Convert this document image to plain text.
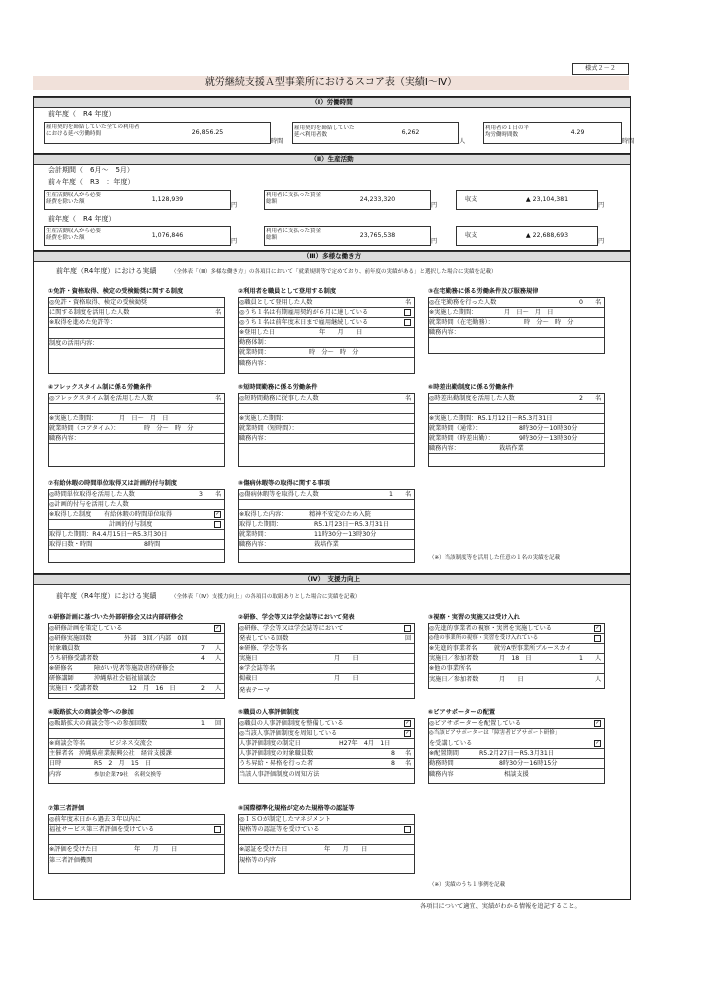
様式２－２
就労継続支援Ａ型事業所におけるスコア表（実績Ⅰ～Ⅳ）
（Ⅰ）労働時間
前年度（　R4 年度）
雇用契約を締結していた全ての利用者における延べ労働時間	26,856.25
時間
雇用契約を締結していた延べ利用者数	6,262
人
利用者の１日の平均労働時間数	4.29
時間
（Ⅱ）生産活動
会計期間（　6月～　5月）
前々年度（　R3　：年度）
生産活動収入から必要経費を除いた額	1,128,939
円
利用者に支払った賃金総額	24,233,320
円
収支	▲ 23,104,381
円
前年度（　R4 年度）
生産活動収入から必要経費を除いた額	1,076,846
円
利用者に支払った賃金総額	23,765,538
円
収支	▲ 22,688,693
円
（Ⅲ）多様な働き方
前年度（R4年度）における実績	（全体表「（Ⅲ）多様な働き方」の各項目において「就業規則等で定めており、前年度の実績がある」と選択した場合に実績を記載）
①免許・資格取得、検定の受検勧奨に関する制度
◎免許・資格取得、検定の受検勧奨
に関する制度を活用した人数	名
※取得を進めた免許等：
制度の活用内容：
②利用者を職員として登用する制度
◎職員として登用した人数	名
◎うち１名は有期雇用契約が６月に達している
◎うち１名は前年度末日まで雇用継続している
※登用した日	年　　月　　日
勤務体制：
就業時間：	時　分～　時　分
職務内容：
③在宅勤務に係る労働条件及び服務規律
◎在宅勤務を行った人数	0 名
※実施した期間：	月　日～　月　日
就業時間（在宅勤務）：	時　分～　時　分
職務内容：
④フレックスタイム制に係る労働条件
◎フレックスタイム制を活用した人数	名
※実施した期間：	月　日～　月　日
就業時間（コアタイム）：	時　分～　時　分
職務内容：
⑤短時間勤務に係る労働条件
◎短時間勤務に従事した人数	名
※実施した期間：
就業時間（短時間）：
職務内容：
⑥時差出勤制度に係る労働条件
◎時差出勤制度を活用した人数	2 名
※実施した期間：R5.1月12日～R5.3月31日
就業時間（通常）：	8時30分～10時30分
就業時間（時差出勤）：	9時30分～13時30分
職務内容：	栽培作業
⑦有給休暇の時間単位取得又は計画的付与制度
◎時間単位取得を活用した人数	3 名
◎計画的付与を活用した人数
※取得した制度	有給休暇の時間単位取得	✓
計画的付与制度
取得した期間：R4.4月15日～R5.3月30日
取得日数・時間	8時間
⑧傷病休暇等の取得に関する事項
◎傷病休暇等を取得した人数	1 名
※取得した内容：	精神不安定のため入院
取得した期間：	R5.1月23日～R5.3月31日
就業時間：	11時30分～13時30分
職務内容：	栽培作業
（※）当該制度等を活用した任意の１名の実績を記載
（Ⅳ）　支援力向上
前年度（R4年度）における実績	（全体表「（Ⅳ）支援力向上」の各項目の取組ありとした場合に実績を記載）
①研修計画に基づいた外部研修会又は内部研修会
◎研修計画を策定している	✓
◎研修実施回数	外部　3回／内部　0回
対象職員数	7 人
うち研修受講者数	4 人
※研修名	障がい児者等施設虐待研修会
研修講師	沖縄県社会福祉協議会
実施日・受講者数	12　月　16　日	2 人
②研修、学会等又は学会誌等において発表
◎研修、学会等又は学会誌等において
発表している回数	回
※研修、学会等名
実施日	月　　日
※学会誌等名
掲載日	月　　日
発表テーマ
③視察・実習の実施又は受け入れ
◎先進的事業者の視察・実習を実施している	✓
◎他の事業所の視察・実習を受け入れている
※先進的事業者名	就労A型事業所ブルースカイ
実施日／参加者数	月　18　日	1 人
※他の事業所名
実施日／参加者数	月　　日	人
④販路拡大の商談会等への参加
◎販路拡大の商談会等への参加回数	1 回
※商談会等名	ビジネス交流会
主催者名 沖縄県産業振興公社　経営支援課
日時	R5　2　月　15　日
内容	参加企業79社　名刺交換等
⑤職員の人事評価制度
◎職員の人事評価制度を整備している	✓
◎当該人事評価制度を周知している	✓
人事評価制度の制定日	H27年　4月　1日
人事評価制度の対象職員数	8 名
うち昇給・昇格を行った者	8 名
当該人事評価制度の周知方法
⑥ピアサポーターの配置
◎ピアサポーターを配置している	✓
◎当該ピアサポーターは「障害者ピアサポート研修」
を受講している	✓
※配置期間	R5.2月27日～R5.3月31日
勤務時間	8時30分～16時15分
職務内容	相談支援
⑦第三者評価
◎前年度末日から過去３年以内に
福祉サービス第三者評価を受けている
※評価を受けた日	年　　月　　日
第三者評価機関
⑧国際標準化規格が定めた規格等の認証等
◎ＩＳＯが制定したマネジメント
規格等の認証等を受けている
※認証を受けた日	年　　月　　日
規格等の内容
（※）実績のうち１事例を記載
各項目について適宜、実績がわかる情報を追記すること。
